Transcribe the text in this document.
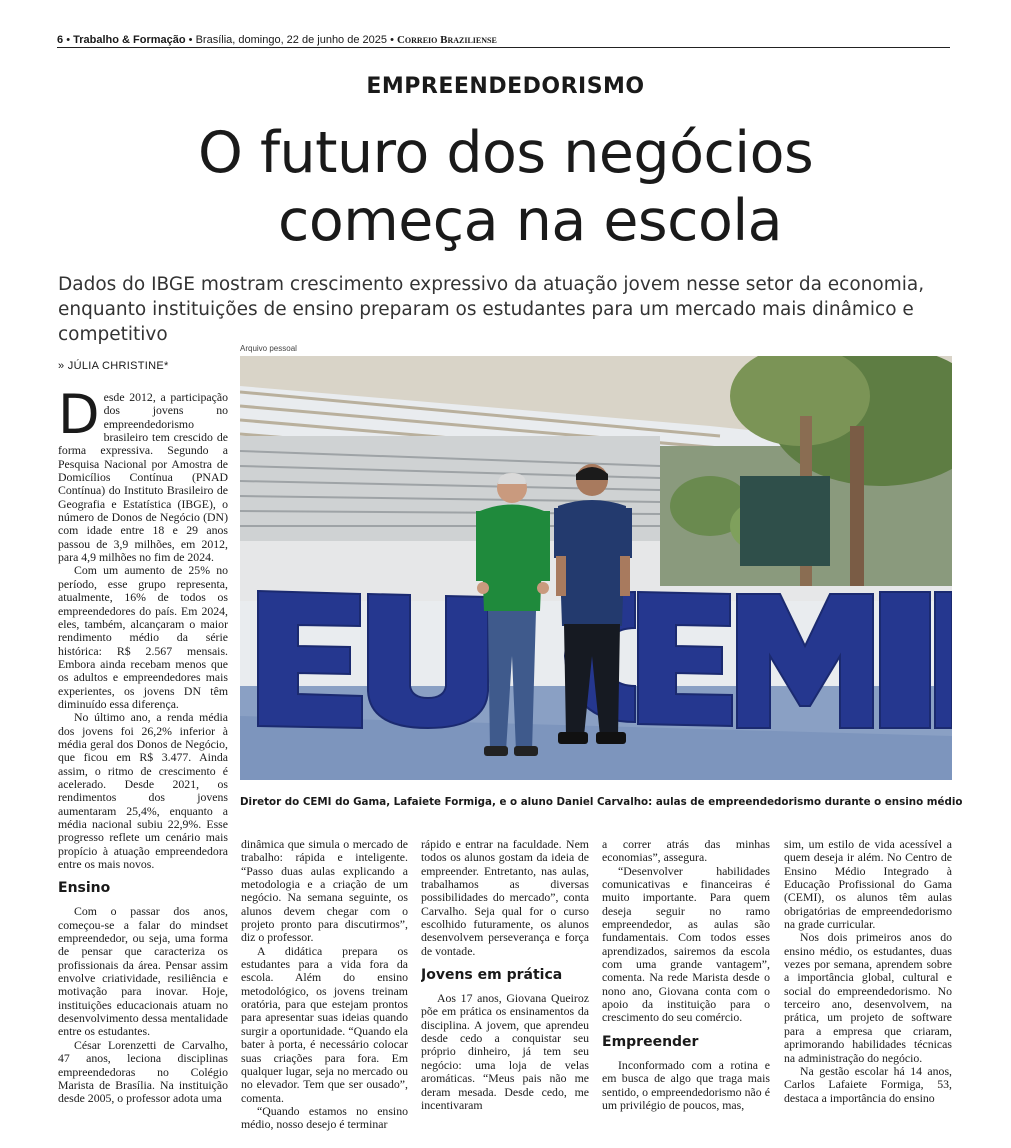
6 • Trabalho & Formação • Brasília, domingo, 22 de junho de 2025 • Correio Braziliense
EMPREENDEDORISMO
O futuro dos negócios
começa na escola
Dados do IBGE mostram crescimento expressivo da atuação jovem nesse setor da economia, enquanto instituições de ensino preparam os estudantes para um mercado mais dinâmico e competitivo
» JÚLIA CHRISTINE*

Desde 2012, a participação dos jovens no empreendedorismo brasileiro tem crescido de forma expressiva. Segundo a Pesquisa Nacional por Amostra de Domicílios Contínua (PNAD Contínua) do Instituto Brasileiro de Geografia e Estatística (IBGE), o número de Donos de Negócio (DN) com idade entre 18 e 29 anos passou de 3,9 milhões, em 2012, para 4,9 milhões no fim de 2024.

Com um aumento de 25% no período, esse grupo representa, atualmente, 16% de todos os empreendedores do país. Em 2024, eles, também, alcançaram o maior rendimento médio da série histórica: R$ 2.567 mensais. Embora ainda recebam menos que os adultos e empreendedores mais experientes, os jovens DN têm diminuído essa diferença.

No último ano, a renda média dos jovens foi 26,2% inferior à média geral dos Donos de Negócio, que ficou em R$ 3.477. Ainda assim, o ritmo de crescimento é acelerado. Desde 2021, os rendimentos dos jovens aumentaram 25,4%, enquanto a média nacional subiu 22,9%. Esse progresso reflete um cenário mais propício à atuação empreendedora entre os mais novos.

Ensino

Com o passar dos anos, começou-se a falar do mindset empreendedor, ou seja, uma forma de pensar que caracteriza os profissionais da área. Pensar assim envolve criatividade, resiliência e motivação para inovar. Hoje, instituições educacionais atuam no desenvolvimento dessa mentalidade entre os estudantes.

César Lorenzetti de Carvalho, 47 anos, leciona disciplinas empreendedoras no Colégio Marista de Brasília. Na instituição desde 2005, o professor adota uma

Arquivo pessoal
Diretor do CEMI do Gama, Lafaiete Formiga, e o aluno Daniel Carvalho: aulas de empreendedorismo durante o ensino médio

dinâmica que simula o mercado de trabalho: rápida e inteligente. “Passo duas aulas explicando a metodologia e a criação de um negócio. Na semana seguinte, os alunos devem chegar com o projeto pronto para discutirmos”, diz o professor.

A didática prepara os estudantes para a vida fora da escola. Além do ensino metodológico, os jovens treinam oratória, para que estejam prontos para apresentar suas ideias quando surgir a oportunidade. “Quando ela bater à porta, é necessário colocar suas criações para fora. Em qualquer lugar, seja no mercado ou no elevador. Tem que ser ousado”, comenta.

“Quando estamos no ensino médio, nosso desejo é terminar

rápido e entrar na faculdade. Nem todos os alunos gostam da ideia de empreender. Entretanto, nas aulas, trabalhamos as diversas possibilidades do mercado”, conta Carvalho. Seja qual for o curso escolhido futuramente, os alunos desenvolvem perseverança e força de vontade.

Jovens em prática

Aos 17 anos, Giovana Queiroz põe em prática os ensinamentos da disciplina. A jovem, que aprendeu desde cedo a conquistar seu próprio dinheiro, já tem seu negócio: uma loja de velas aromáticas. “Meus pais não me deram mesada. Desde cedo, me incentivaram

a correr atrás das minhas economias”, assegura.

“Desenvolver habilidades comunicativas e financeiras é muito importante. Para quem deseja seguir no ramo empreendedor, as aulas são fundamentais. Com todos esses aprendizados, sairemos da escola com uma grande vantagem”, comenta. Na rede Marista desde o nono ano, Giovana conta com o apoio da instituição para o crescimento do seu comércio.

Empreender

Inconformado com a rotina e em busca de algo que traga mais sentido, o empreendedorismo não é um privilégio de poucos, mas,

sim, um estilo de vida acessível a quem deseja ir além. No Centro de Ensino Médio Integrado à Educação Profissional do Gama (CEMI), os alunos têm aulas obrigatórias de empreendedorismo na grade curricular.

Nos dois primeiros anos do ensino médio, os estudantes, duas vezes por semana, aprendem sobre a importância global, cultural e social do empreendedorismo. No terceiro ano, desenvolvem, na prática, um projeto de software para a empresa que criaram, aprimorando habilidades técnicas na administração do negócio.

Na gestão escolar há 14 anos, Carlos Lafaiete Formiga, 53, destaca a importância do ensino
